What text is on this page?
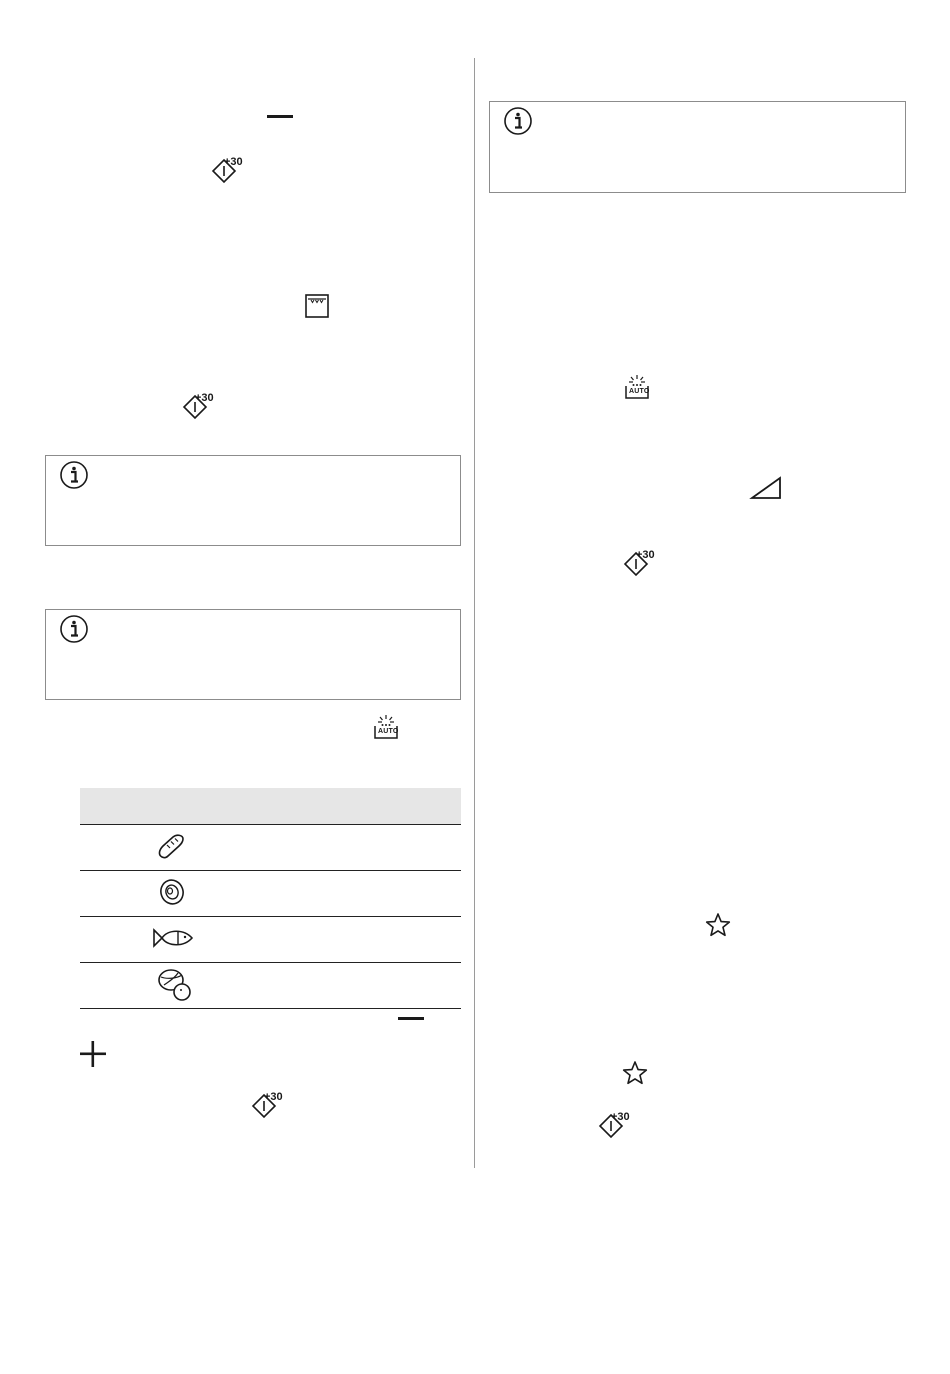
+30
+30
AUTO
+30
AUTO
+30
+30
